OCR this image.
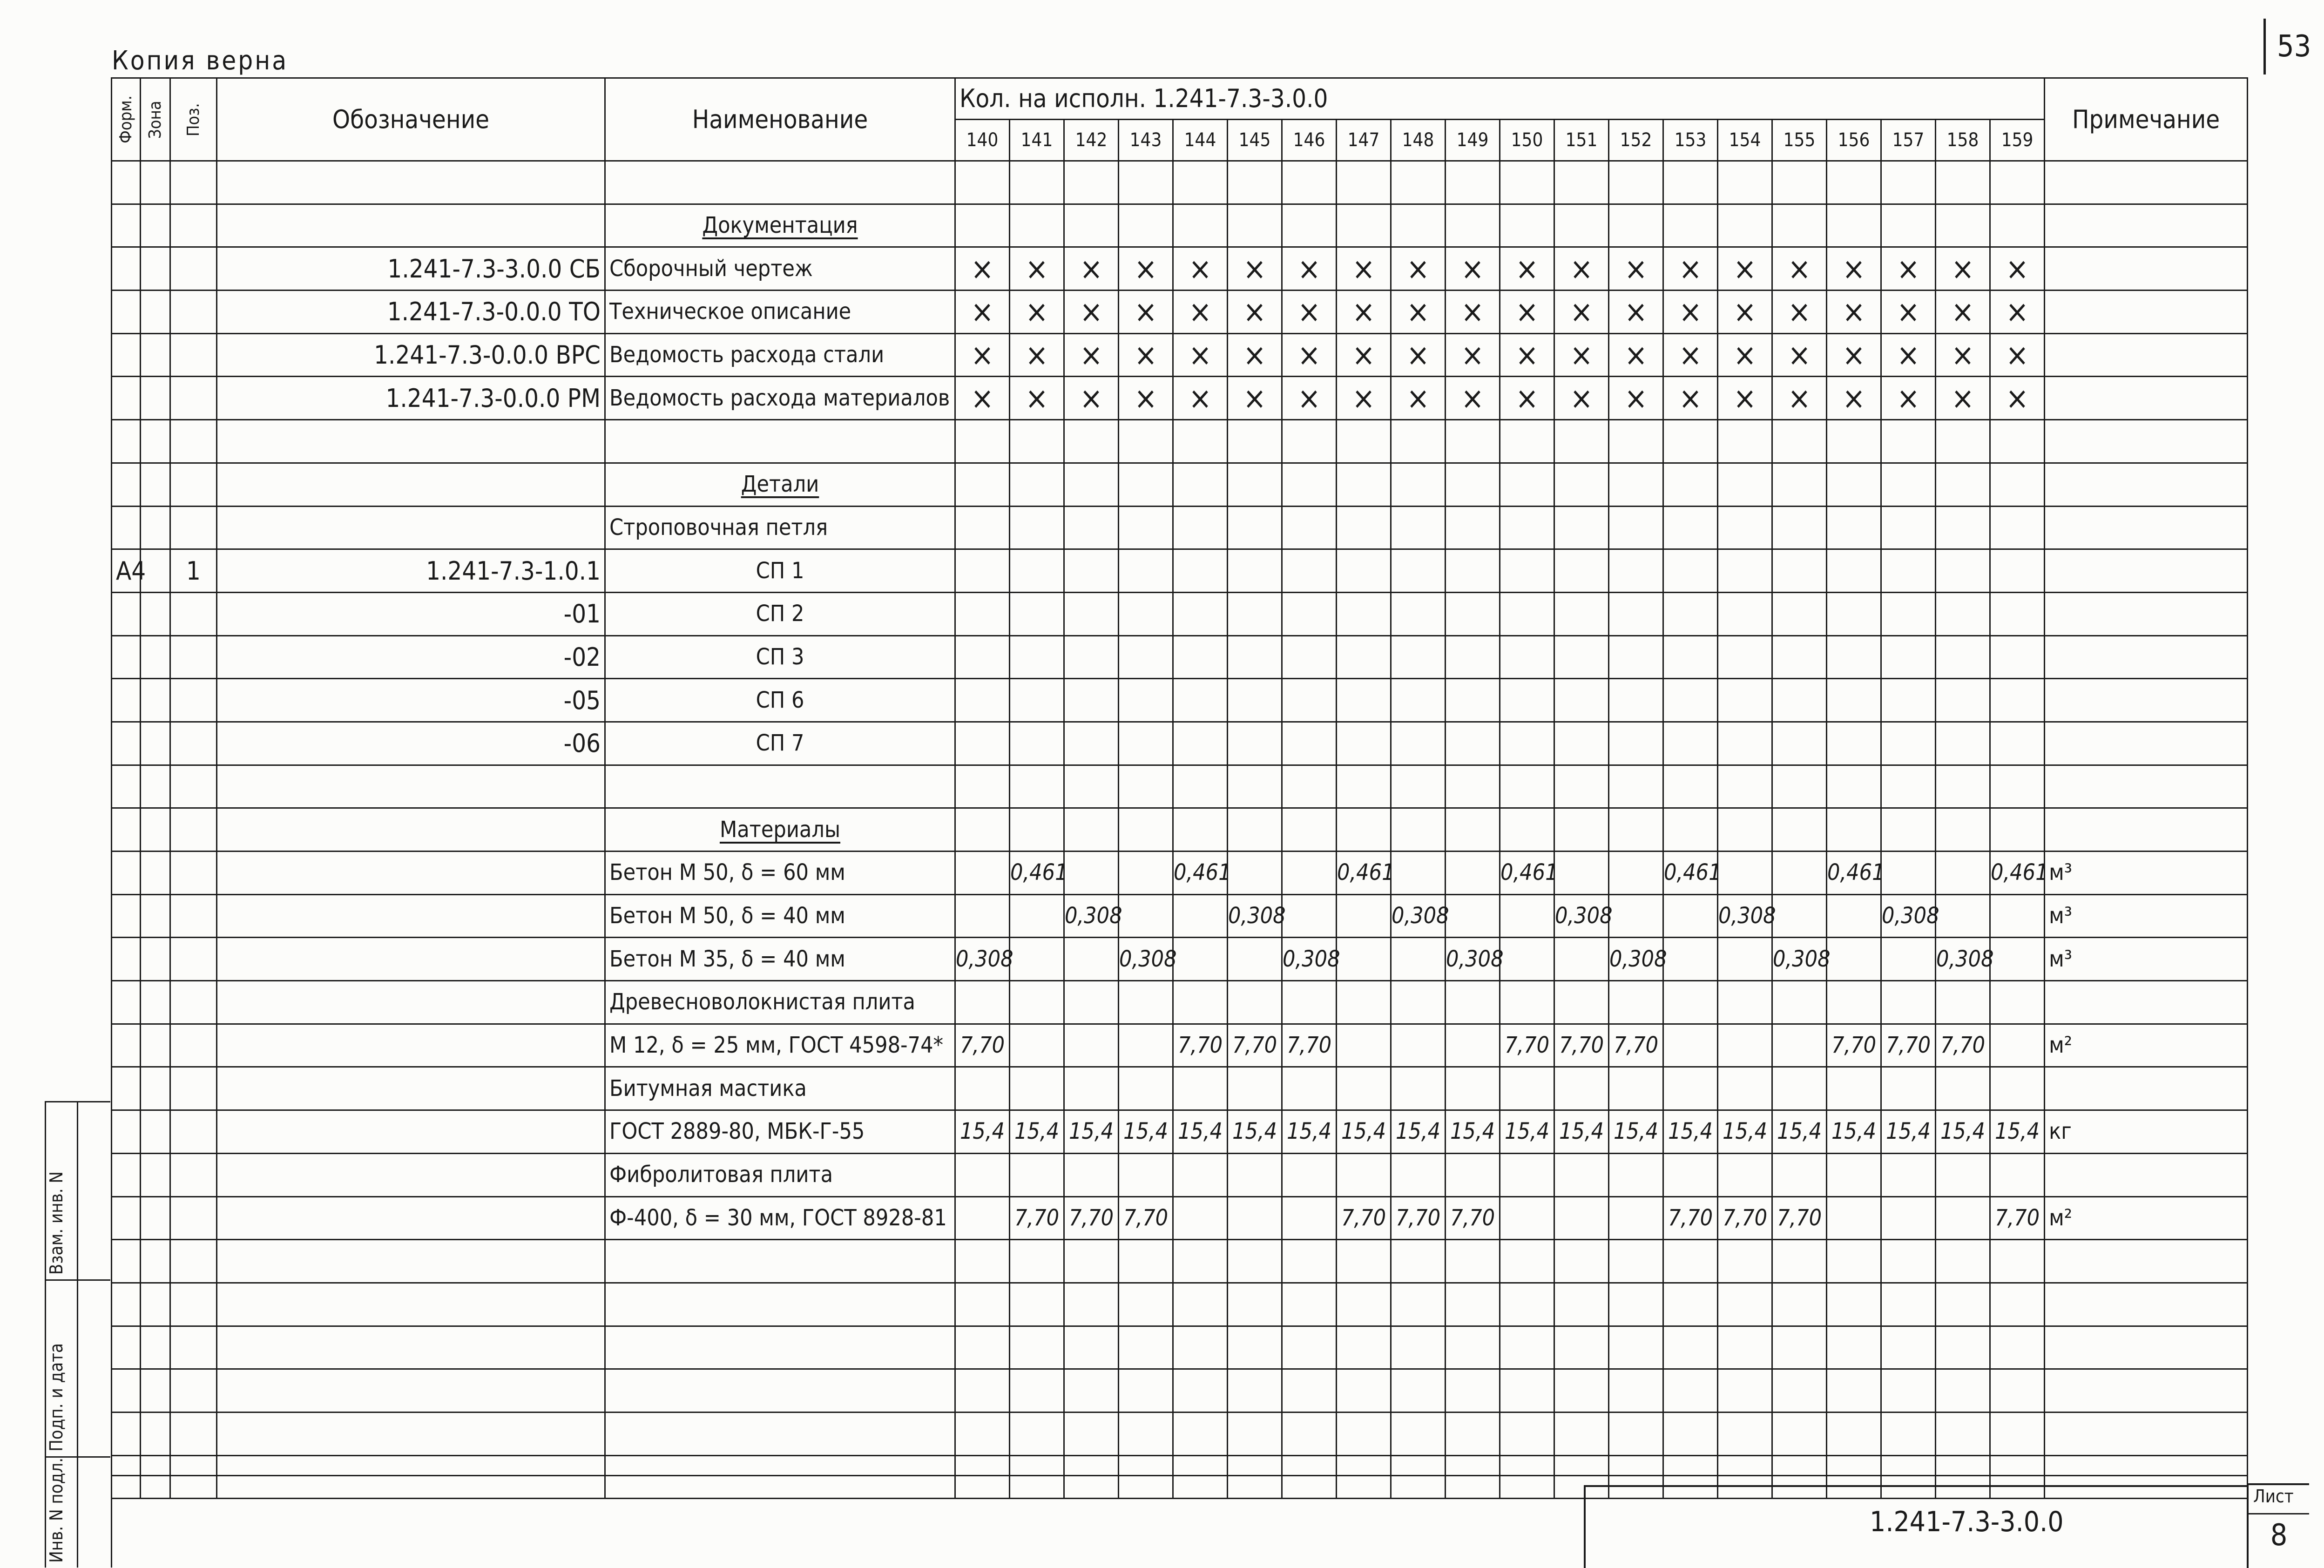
53
Копия верна
Форм.	Зона	Поз.	Обозначение	Наименование	Кол. на исполн. 1.241-7.3-3.0.0																				Примечание
					140	141	142	143	144	145	146	147	148	149	150	151	152	153	154	155	156	157	158	159	

				Документация																					
			1.241-7.3-3.0.0 СБ	Сборочный чертеж	×	×	×	×	×	×	×	×	×	×	×	×	×	×	×	×	×	×	×	×	
			1.241-7.3-0.0.0 ТО	Техническое описание	×	×	×	×	×	×	×	×	×	×	×	×	×	×	×	×	×	×	×	×	
			1.241-7.3-0.0.0 ВРС	Ведомость расхода стали	×	×	×	×	×	×	×	×	×	×	×	×	×	×	×	×	×	×	×	×	
			1.241-7.3-0.0.0 РМ	Ведомость расхода материалов	×	×	×	×	×	×	×	×	×	×	×	×	×	×	×	×	×	×	×	×	

				Детали																					
				Строповочная петля																					
А4		1	1.241-7.3-1.0.1	СП 1																					
			-01	СП 2																					
			-02	СП 3																					
			-05	СП 6																					
			-06	СП 7																					

				Материалы																					
				Бетон М 50, δ = 60 мм		0,461			0,461			0,461			0,461			0,461			0,461			0,461	м³
				Бетон М 50, δ = 40 мм			0,308			0,308			0,308			0,308			0,308			0,308			м³
				Бетон М 35, δ = 40 мм	0,308			0,308			0,308			0,308			0,308			0,308			0,308		м³
				Древесноволокнистая плита																					
				М 12, δ = 25 мм, ГОСТ 4598-74*	7,70				7,70	7,70	7,70				7,70	7,70	7,70				7,70	7,70	7,70		м²
				Битумная мастика																					
				ГОСТ 2889-80, МБК-Г-55	15,4	15,4	15,4	15,4	15,4	15,4	15,4	15,4	15,4	15,4	15,4	15,4	15,4	15,4	15,4	15,4	15,4	15,4	15,4	15,4	кг
				Фибролитовая плита																					
				Ф-400, δ = 30 мм, ГОСТ 8928-81		7,70	7,70	7,70				7,70	7,70	7,70				7,70	7,70	7,70				7,70	м²

Взам. инв. N
Подп. и дата
Инв. N подл.	1.241-7.3-3.0.0
Лист
8
